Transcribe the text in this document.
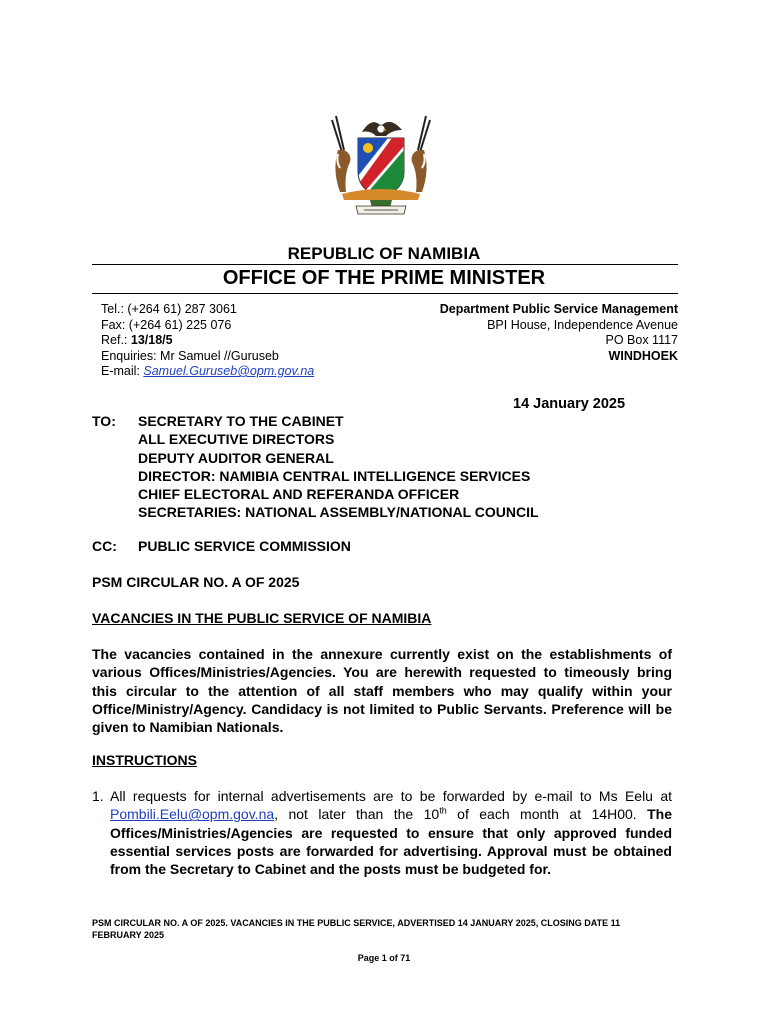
REPUBLIC OF NAMIBIA
OFFICE OF THE PRIME MINISTER
Tel.: (+264 61) 287 3061
Fax: (+264 61) 225 076
Ref.: 13/18/5
Enquiries: Mr Samuel //Guruseb
E-mail: Samuel.Guruseb@opm.gov.na
Department Public Service Management
BPI House, Independence Avenue
PO Box 1117
WINDHOEK
14 January 2025
TO: SECRETARY TO THE CABINET
ALL EXECUTIVE DIRECTORS
DEPUTY AUDITOR GENERAL
DIRECTOR: NAMIBIA CENTRAL INTELLIGENCE SERVICES
CHIEF ELECTORAL AND REFERANDA OFFICER
SECRETARIES: NATIONAL ASSEMBLY/NATIONAL COUNCIL
CC: PUBLIC SERVICE COMMISSION
PSM CIRCULAR NO. A OF 2025
VACANCIES IN THE PUBLIC SERVICE OF NAMIBIA
The vacancies contained in the annexure currently exist on the establishments of various Offices/Ministries/Agencies. You are herewith requested to timeously bring this circular to the attention of all staff members who may qualify within your Office/Ministry/Agency. Candidacy is not limited to Public Servants. Preference will be given to Namibian Nationals.
INSTRUCTIONS
1. All requests for internal advertisements are to be forwarded by e-mail to Ms Eelu at Pombili.Eelu@opm.gov.na, not later than the 10th of each month at 14H00. The Offices/Ministries/Agencies are requested to ensure that only approved funded essential services posts are forwarded for advertising. Approval must be obtained from the Secretary to Cabinet and the posts must be budgeted for.
PSM CIRCULAR NO. A OF 2025. VACANCIES IN THE PUBLIC SERVICE, ADVERTISED 14 JANUARY 2025, CLOSING DATE 11 FEBRUARY 2025
Page 1 of 71
